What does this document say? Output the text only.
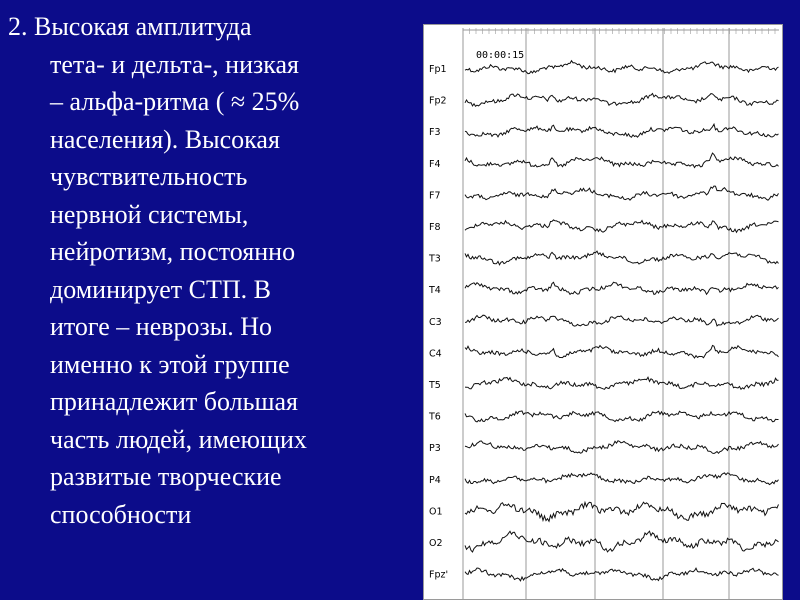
2. Высокая амплитуда
тета- и дельта-, низкая
– альфа-ритма ( ≈ 25%
населения). Высокая
чувствительность
нервной системы,
нейротизм, постоянно
доминирует СТП. В
итоге – неврозы. Но
именно к этой группе
принадлежит большая
часть людей, имеющих
развитые творческие
способности
00:00:15
Fp1
Fp2
F3
F4
F7
F8
T3
T4
C3
C4
T5
T6
P3
P4
O1
O2
Fpz'
